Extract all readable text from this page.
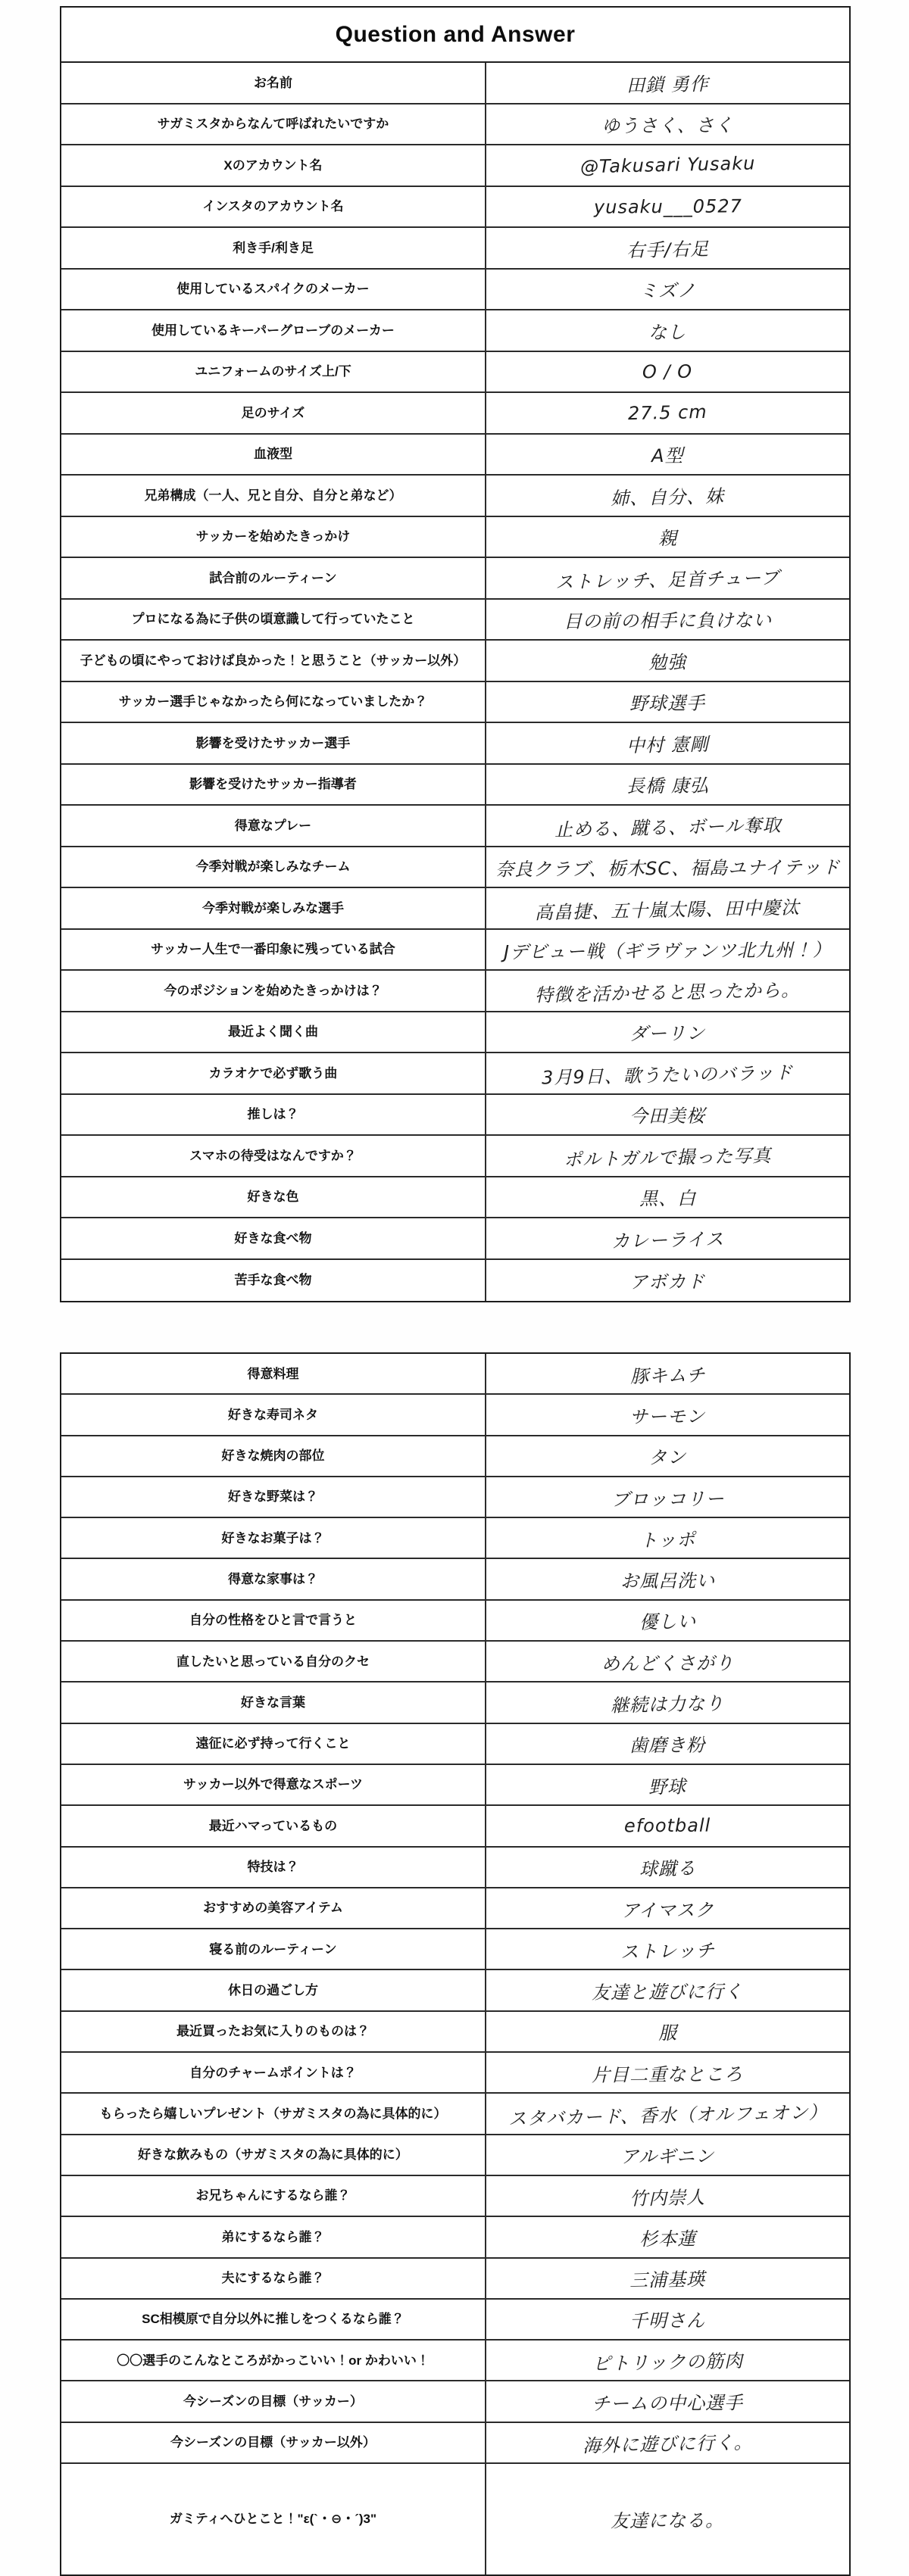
Question and Answer
お名前	田鎖 勇作
サガミスタからなんて呼ばれたいですか	ゆうさく、さく
Xのアカウント名	@Takusari Yusaku
インスタのアカウント名	yusaku___0527
利き手/利き足	右手/右足
使用しているスパイクのメーカー	ミズノ
使用しているキーパーグローブのメーカー	なし
ユニフォームのサイズ上/下	O / O
足のサイズ	27.5 cm
血液型	A型
兄弟構成（一人、兄と自分、自分と弟など）	姉、自分、妹
サッカーを始めたきっかけ	親
試合前のルーティーン	ストレッチ、足首チューブ
プロになる為に子供の頃意識して行っていたこと	目の前の相手に負けない
子どもの頃にやっておけば良かった！と思うこと（サッカー以外）	勉強
サッカー選手じゃなかったら何になっていましたか？	野球選手
影響を受けたサッカー選手	中村 憲剛
影響を受けたサッカー指導者	長橋 康弘
得意なプレー	止める、蹴る、ボール奪取
今季対戦が楽しみなチーム	奈良クラブ、栃木SC、福島ユナイテッド
今季対戦が楽しみな選手	高畠捷、五十嵐太陽、田中慶汰
サッカー人生で一番印象に残っている試合	Jデビュー戦（ギラヴァンツ北九州！）
今のポジションを始めたきっかけは？	特徴を活かせると思ったから。
最近よく聞く曲	ダーリン
カラオケで必ず歌う曲	3月9日、歌うたいのバラッド
推しは？	今田美桜
スマホの待受はなんですか？	ポルトガルで撮った写真
好きな色	黒、白
好きな食べ物	カレーライス
苦手な食べ物	アボカド
得意料理	豚キムチ
好きな寿司ネタ	サーモン
好きな焼肉の部位	タン
好きな野菜は？	ブロッコリー
好きなお菓子は？	トッポ
得意な家事は？	お風呂洗い
自分の性格をひと言で言うと	優しい
直したいと思っている自分のクセ	めんどくさがり
好きな言葉	継続は力なり
遠征に必ず持って行くこと	歯磨き粉
サッカー以外で得意なスポーツ	野球
最近ハマっているもの	efootball
特技は？	球蹴る
おすすめの美容アイテム	アイマスク
寝る前のルーティーン	ストレッチ
休日の過ごし方	友達と遊びに行く
最近買ったお気に入りのものは？	服
自分のチャームポイントは？	片目二重なところ
もらったら嬉しいプレゼント（サガミスタの為に具体的に）	スタバカード、香水（オルフェオン）
好きな飲みもの（サガミスタの為に具体的に）	アルギニン
お兄ちゃんにするなら誰？	竹内崇人
弟にするなら誰？	杉本蓮
夫にするなら誰？	三浦基瑛
SC相模原で自分以外に推しをつくるなら誰？	千明さん
〇〇選手のこんなところがかっこいい！or かわいい！	ピトリックの筋肉
今シーズンの目標（サッカー）	チームの中心選手
今シーズンの目標（サッカー以外）	海外に遊びに行く。
ガミティへひとこと！"ε(`・⊖・´)3"	友達になる。
